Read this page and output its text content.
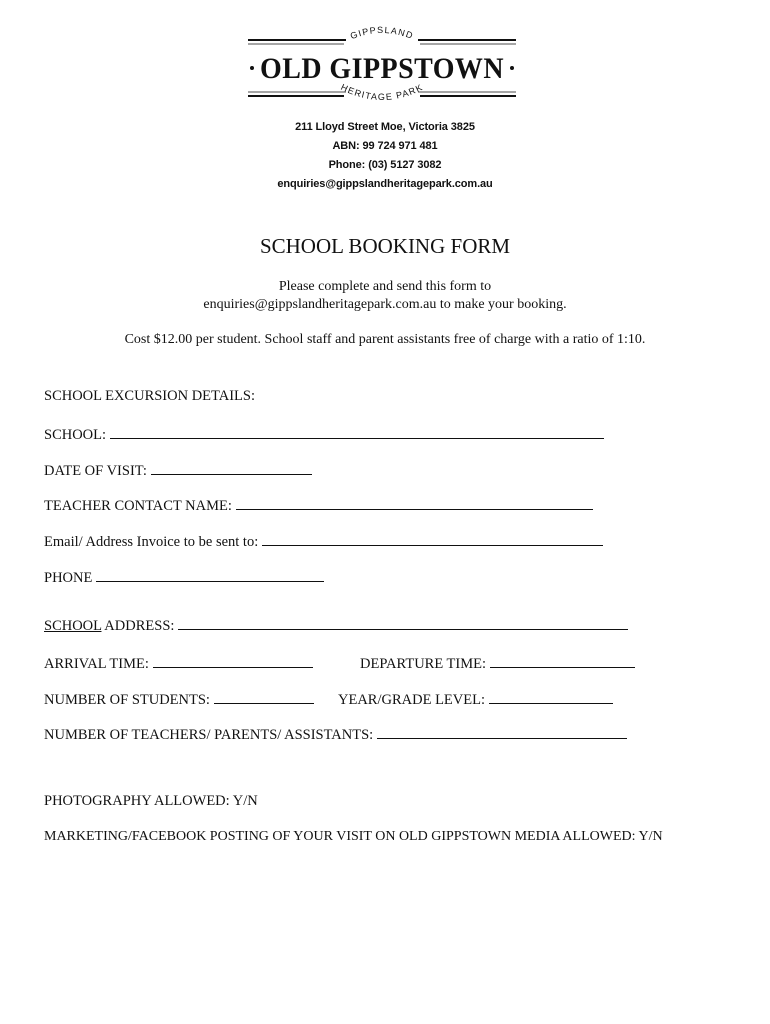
GIPPSLAND
HERITAGE PARK
OLD GIPPSTOWN
211 Lloyd Street Moe, Victoria 3825
ABN: 99 724 971 481
Phone: (03) 5127 3082
enquiries@gippslandheritagepark.com.au
SCHOOL BOOKING FORM
Please complete and send this form to
enquiries@gippslandheritagepark.com.au to make your booking.
Cost $12.00 per student. School staff and parent assistants free of charge with a ratio of 1:10.
SCHOOL EXCURSION DETAILS:
SCHOOL:
DATE OF VISIT:
TEACHER CONTACT NAME:
Email/ Address Invoice to be sent to:
PHONE
SCHOOL ADDRESS:
ARRIVAL TIME:	DEPARTURE TIME:
NUMBER OF STUDENTS:	YEAR/GRADE LEVEL:
NUMBER OF TEACHERS/ PARENTS/ ASSISTANTS:
PHOTOGRAPHY ALLOWED: Y/N
MARKETING/FACEBOOK POSTING OF YOUR VISIT ON OLD GIPPSTOWN MEDIA ALLOWED: Y/N
